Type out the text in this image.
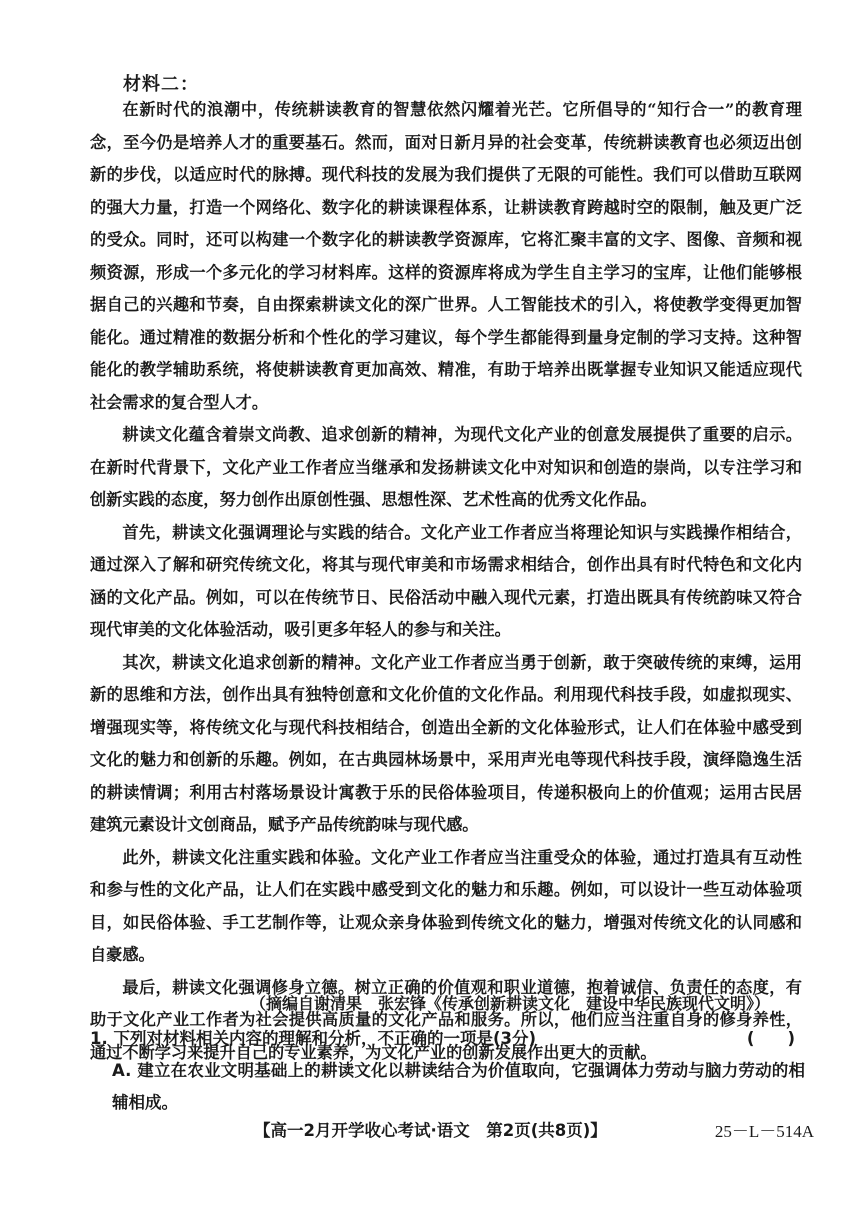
材料二：

在新时代的浪潮中，传统耕读教育的智慧依然闪耀着光芒。它所倡导的“知行合一”的教育理念，至今仍是培养人才的重要基石。然而，面对日新月异的社会变革，传统耕读教育也必须迈出创新的步伐，以适应时代的脉搏。现代科技的发展为我们提供了无限的可能性。我们可以借助互联网的强大力量，打造一个网络化、数字化的耕读课程体系，让耕读教育跨越时空的限制，触及更广泛的受众。同时，还可以构建一个数字化的耕读教学资源库，它将汇聚丰富的文字、图像、音频和视频资源，形成一个多元化的学习材料库。这样的资源库将成为学生自主学习的宝库，让他们能够根据自己的兴趣和节奏，自由探索耕读文化的深广世界。人工智能技术的引入，将使教学变得更加智能化。通过精准的数据分析和个性化的学习建议，每个学生都能得到量身定制的学习支持。这种智能化的教学辅助系统，将使耕读教育更加高效、精准，有助于培养出既掌握专业知识又能适应现代社会需求的复合型人才。

耕读文化蕴含着崇文尚教、追求创新的精神，为现代文化产业的创意发展提供了重要的启示。在新时代背景下，文化产业工作者应当继承和发扬耕读文化中对知识和创造的崇尚，以专注学习和创新实践的态度，努力创作出原创性强、思想性深、艺术性高的优秀文化作品。

首先，耕读文化强调理论与实践的结合。文化产业工作者应当将理论知识与实践操作相结合，通过深入了解和研究传统文化，将其与现代审美和市场需求相结合，创作出具有时代特色和文化内涵的文化产品。例如，可以在传统节日、民俗活动中融入现代元素，打造出既具有传统韵味又符合现代审美的文化体验活动，吸引更多年轻人的参与和关注。

其次，耕读文化追求创新的精神。文化产业工作者应当勇于创新，敢于突破传统的束缚，运用新的思维和方法，创作出具有独特创意和文化价值的文化作品。利用现代科技手段，如虚拟现实、增强现实等，将传统文化与现代科技相结合，创造出全新的文化体验形式，让人们在体验中感受到文化的魅力和创新的乐趣。例如，在古典园林场景中，采用声光电等现代科技手段，演绎隐逸生活的耕读情调；利用古村落场景设计寓教于乐的民俗体验项目，传递积极向上的价值观；运用古民居建筑元素设计文创商品，赋予产品传统韵味与现代感。

此外，耕读文化注重实践和体验。文化产业工作者应当注重受众的体验，通过打造具有互动性和参与性的文化产品，让人们在实践中感受到文化的魅力和乐趣。例如，可以设计一些互动体验项目，如民俗体验、手工艺制作等，让观众亲身体验到传统文化的魅力，增强对传统文化的认同感和自豪感。

最后，耕读文化强调修身立德。树立正确的价值观和职业道德，抱着诚信、负责任的态度，有助于文化产业工作者为社会提供高质量的文化产品和服务。所以，他们应当注重自身的修身养性，通过不断学习来提升自己的专业素养，为文化产业的创新发展作出更大的贡献。

（摘编自谢清果　张宏锋《传承创新耕读文化　建设中华民族现代文明》）
1. 下列对材料相关内容的理解和分析，不正确的一项是(3分)	(　　)
A. 建立在农业文明基础上的耕读文化以耕读结合为价值取向，它强调体力劳动与脑力劳动的相辅相成。
【高一2月开学收心考试·语文　第2页(共8页)】	25－L－514A
